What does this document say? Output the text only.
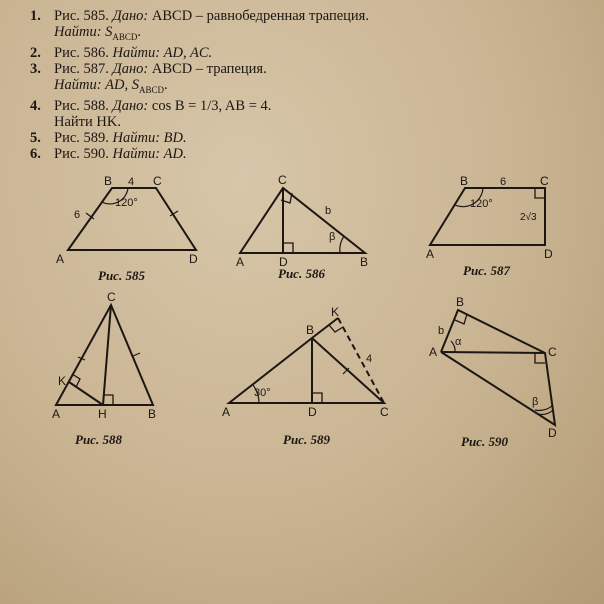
1. Рис. 585. Дано: ABCD – равнобедренная трапеция.
Найти: $S_{ABCD}$.
2. Рис. 586. Найти: AD, AC.
3. Рис. 587. Дано: ABCD – трапеция.
Найти: AD, $S_{ABCD}$.
4. Рис. 588. Дано: cos B = 1/3, AB = 4.
Найти HK.
5. Рис. 589. Найти: BD.
6. Рис. 590. Найти: AD.
A
B	C
D
4
6
120°
A
C
D	B
b
β
A
B	C
D
6
120°
2√3
A
C
H	B
K
A
B
C
D
K
30°
4	A
B
C
D
b
α
β
Рис. 585	Рис. 586	Рис. 587
Рис. 588	Рис. 589	Рис. 590
